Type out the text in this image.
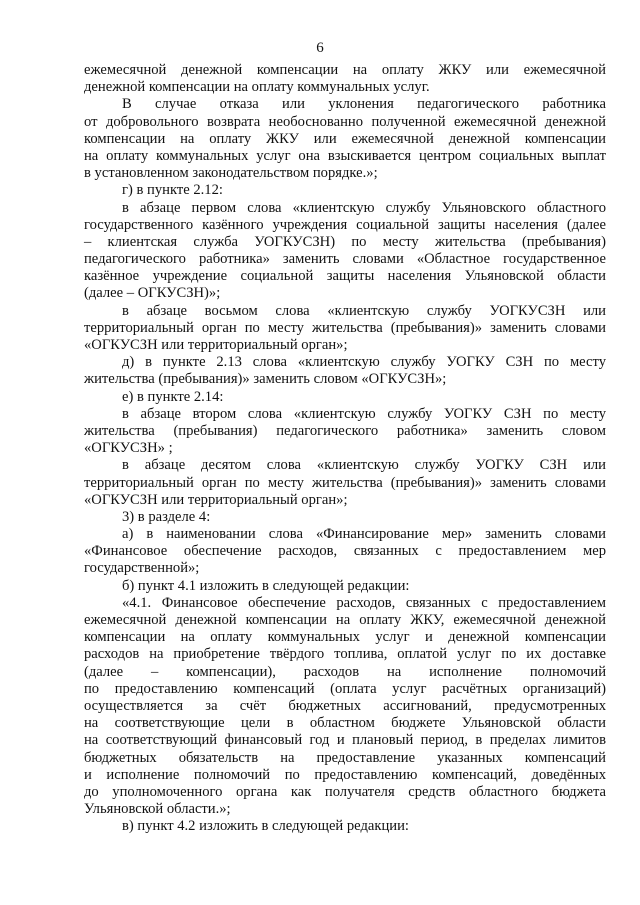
6
ежемесячной денежной компенсации на оплату ЖКУ или ежемесячной
денежной компенсации на оплату коммунальных услуг.
В случае отказа или уклонения педагогического работника
от добровольного возврата необоснованно полученной ежемесячной денежной
компенсации на оплату ЖКУ или ежемесячной денежной компенсации
на оплату коммунальных услуг она взыскивается центром социальных выплат
в установленном законодательством порядке.»;
г) в пункте 2.12:
в абзаце первом слова «клиентскую службу Ульяновского областного
государственного казённого учреждения социальной защиты населения (далее
– клиентская служба УОГКУСЗН) по месту жительства (пребывания)
педагогического работника» заменить словами «Областное государственное
казённое учреждение социальной защиты населения Ульяновской области
(далее – ОГКУСЗН)»;
в абзаце восьмом слова «клиентскую службу УОГКУСЗН или
территориальный орган по месту жительства (пребывания)» заменить словами
«ОГКУСЗН или территориальный орган»;
д) в пункте 2.13 слова «клиентскую службу УОГКУ СЗН по месту
жительства (пребывания)» заменить словом «ОГКУСЗН»;
е) в пункте 2.14:
в абзаце втором слова «клиентскую службу УОГКУ СЗН по месту
жительства (пребывания) педагогического работника» заменить словом
«ОГКУСЗН» ;
в абзаце десятом слова «клиентскую службу УОГКУ СЗН или
территориальный орган по месту жительства (пребывания)» заменить словами
«ОГКУСЗН или территориальный орган»;
3) в разделе 4:
а) в наименовании слова «Финансирование мер» заменить словами
«Финансовое обеспечение расходов, связанных с предоставлением мер
государственной»;
б) пункт 4.1 изложить в следующей редакции:
«4.1. Финансовое обеспечение расходов, связанных с предоставлением
ежемесячной денежной компенсации на оплату ЖКУ, ежемесячной денежной
компенсации на оплату коммунальных услуг и денежной компенсации
расходов на приобретение твёрдого топлива, оплатой услуг по их доставке
(далее – компенсации), расходов на исполнение полномочий
по предоставлению компенсаций (оплата услуг расчётных организаций)
осуществляется за счёт бюджетных ассигнований, предусмотренных
на соответствующие цели в областном бюджете Ульяновской области
на соответствующий финансовый год и плановый период, в пределах лимитов
бюджетных обязательств на предоставление указанных компенсаций
и исполнение полномочий по предоставлению компенсаций, доведённых
до уполномоченного органа как получателя средств областного бюджета
Ульяновской области.»;
в) пункт 4.2 изложить в следующей редакции:
